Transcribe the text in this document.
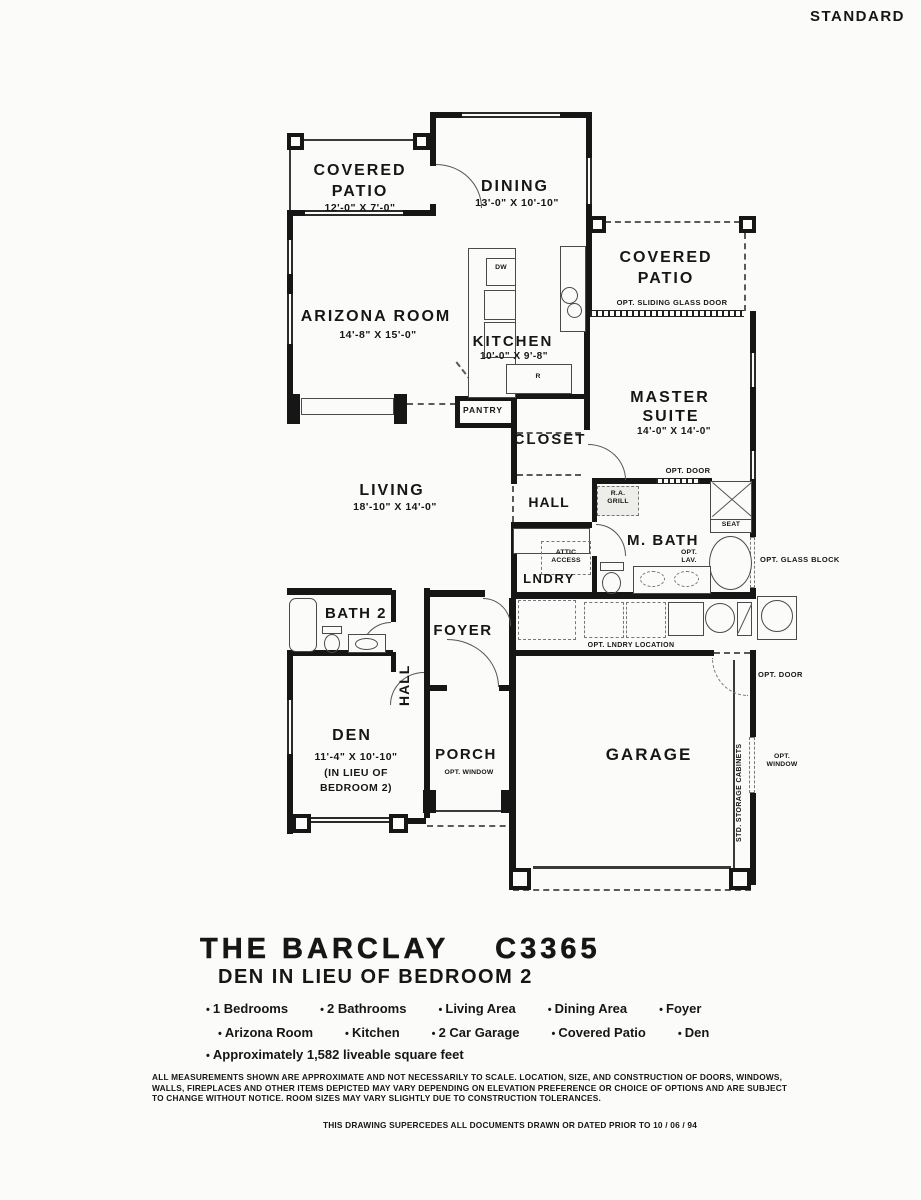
STANDARD
COVERED
PATIO
12'-0" X 7'-0"
DINING
13'-0" X 10'-10"
ARIZONA ROOM
14'-8" X 15'-0"	KITCHEN
10'-0" X 9'-8"
COVERED
PATIO
OPT. SLIDING GLASS DOOR
MASTER
SUITE
14'-0" X 14'-0"
LIVING
18'-10" X 14'-0"
PANTRY
CLOSET
HALL
R.A.
GRILL
OPT. DOOR
M. BATH
OPT.
LAV.
SEAT
OPT. GLASS BLOCK
ATTIC
ACCESS
LNDRY
BATH 2
HALL
FOYER
DEN
11'-4" X 10'-10"
(IN LIEU OF
BEDROOM 2)
PORCH
OPT. WINDOW
GARAGE
OPT. LNDRY LOCATION
OPT. DOOR
STD. STORAGE CABINETS	OPT.
WINDOW
DW
R
THE BARCLAY C3365
DEN IN LIEU OF BEDROOM 2
• 1 Bedrooms	• 2 Bathrooms	• Living Area	• Dining Area	• Foyer
• Arizona Room	• Kitchen	• 2 Car Garage	• Covered Patio	• Den
• Approximately 1,582 liveable square feet
ALL MEASUREMENTS SHOWN ARE APPROXIMATE AND NOT NECESSARILY TO SCALE. LOCATION, SIZE, AND CONSTRUCTION OF DOORS, WINDOWS, WALLS, FIREPLACES AND OTHER ITEMS DEPICTED MAY VARY DEPENDING ON ELEVATION PREFERENCE OR CHOICE OF OPTIONS AND ARE SUBJECT TO CHANGE WITHOUT NOTICE. ROOM SIZES MAY VARY SLIGHTLY DUE TO CONSTRUCTION TOLERANCES.
THIS DRAWING SUPERCEDES ALL DOCUMENTS DRAWN OR DATED PRIOR TO 10 / 06 / 94
